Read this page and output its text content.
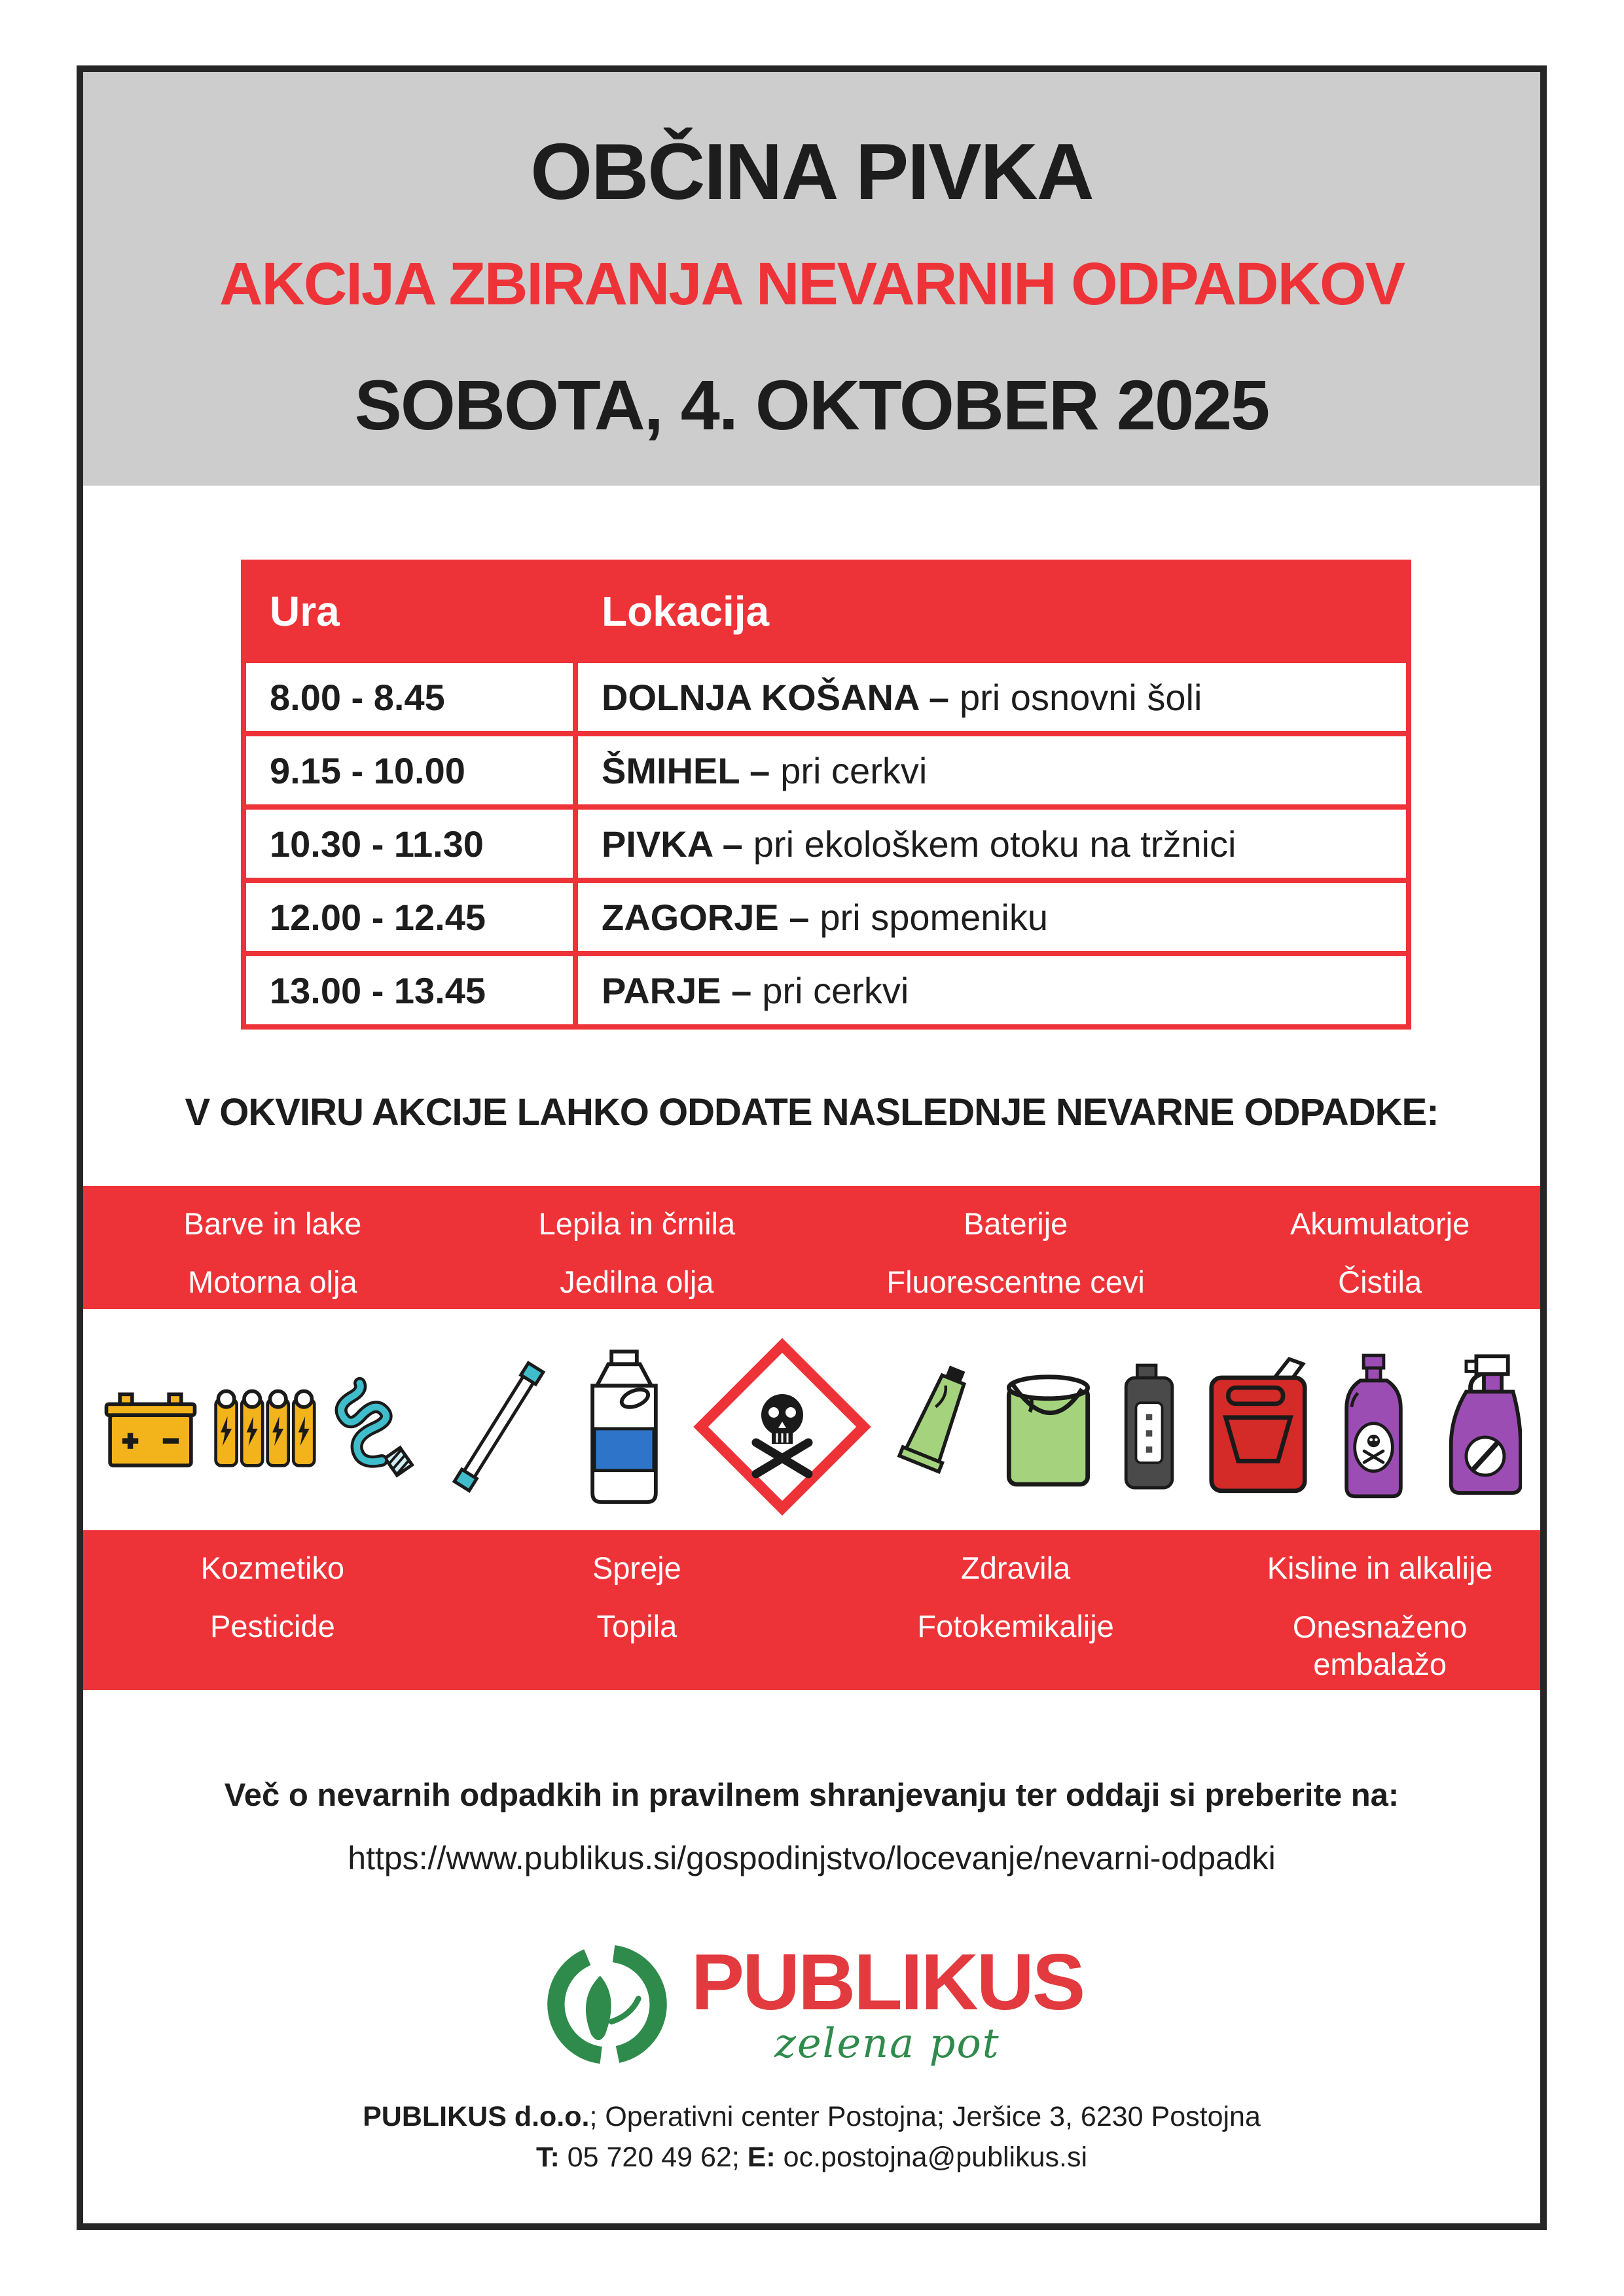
OBČINA PIVKA
AKCIJA ZBIRANJA NEVARNIH ODPADKOV
SOBOTA, 4. OKTOBER 2025
Ura	Lokacija
8.00 - 8.45	DOLNJA KOŠANA – pri osnovni šoli
9.15 - 10.00	ŠMIHEL – pri cerkvi
10.30 - 11.30	PIVKA – pri ekološkem otoku na tržnici
12.00 - 12.45	ZAGORJE – pri spomeniku
13.00 - 13.45	PARJE – pri cerkvi
V OKVIRU AKCIJE LAHKO ODDATE NASLEDNJE NEVARNE ODPADKE:
Barve in lake
Motorna olja
Lepila in črnila
Jedilna olja
Baterije
Fluorescentne cevi
Akumulatorje
Čistila
Kozmetiko
Pesticide
Spreje
Topila
Zdravila
Fotokemikalije
Kisline in alkalije
Onesnaženo embalažo
Več o nevarnih odpadkih in pravilnem shranjevanju ter oddaji si preberite na:
https://www.publikus.si/gospodinjstvo/locevanje/nevarni-odpadki
PUBLIKUS
zelena pot
PUBLIKUS d.o.o.; Operativni center Postojna; Jeršice 3, 6230 Postojna
T: 05 720 49 62; E: oc.postojna@publikus.si
